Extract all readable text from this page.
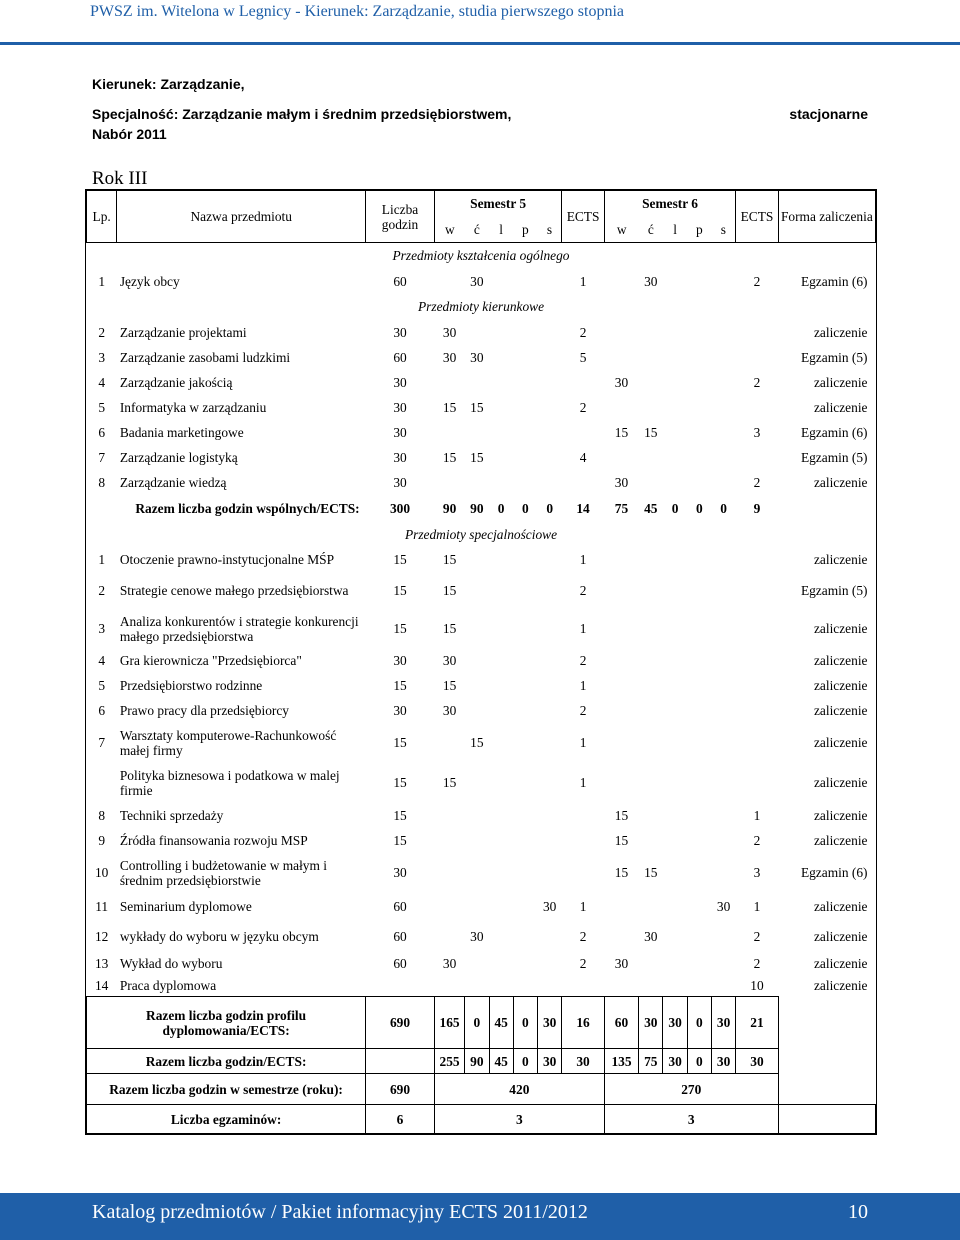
PWSZ im. Witelona w Legnicy - Kierunek: Zarządzanie, studia pierwszego stopnia
Kierunek: Zarządzanie,
Specjalność: Zarządzanie małym i średnim przedsiębiorstwem,
Nabór 2011
stacjonarne
Rok III
Lp.	Nazwa przedmiotu	Liczba godzin	Semestr 5					ECTS	Semestr 6					ECTS	Forma zaliczenia
			w	ć	l	p	s		w	ć	l	p	s		
Przedmioty kształcenia ogólnego															
1	Język obcy	60		30				1		30				2	Egzamin (6)
Przedmioty kierunkowe															
2	Zarządzanie projektami	30	30					2							zaliczenie
3	Zarządzanie zasobami ludzkimi	60	30	30				5							Egzamin (5)
4	Zarządzanie jakością	30							30					2	zaliczenie
5	Informatyka w zarządzaniu	30	15	15				2							zaliczenie
6	Badania marketingowe	30							15	15				3	Egzamin (6)
7	Zarządzanie logistyką	30	15	15				4							Egzamin (5)
8	Zarządzanie wiedzą	30							30					2	zaliczenie
Razem liczba godzin wspólnych/ECTS:		300	90	90	0	0	0	14	75	45	0	0	0	9	
Przedmioty specjalnościowe															
1	Otoczenie prawno-instytucjonalne MŚP	15	15					1							zaliczenie
2	Strategie cenowe małego przedsiębiorstwa	15	15					2							Egzamin (5)
3	Analiza konkurentów i strategie konkurencji małego przedsiębiorstwa	15	15					1							zaliczenie
4	Gra kierownicza "Przedsiębiorca"	30	30					2							zaliczenie
5	Przedsiębiorstwo rodzinne	15	15					1							zaliczenie
6	Prawo pracy dla przedsiębiorcy	30	30					2							zaliczenie
7	Warsztaty komputerowe-Rachunkowość małej firmy	15		15				1							zaliczenie
	Polityka biznesowa i podatkowa w malej firmie	15	15					1							zaliczenie
8	Techniki sprzedaży	15							15					1	zaliczenie
9	Źródła finansowania rozwoju MSP	15							15					2	zaliczenie
10	Controlling i budżetowanie w małym i średnim przedsiębiorstwie	30							15	15				3	Egzamin (6)
11	Seminarium dyplomowe	60					30	1					30	1	zaliczenie
12	wykłady do wyboru w języku obcym	60		30				2		30				2	zaliczenie
13	Wykład do wyboru	60	30					2	30					2	zaliczenie
14	Praca dyplomowa													10	zaliczenie
Razem liczba godzin profilu dyplomowania/ECTS:		690	165	0	45	0	30	16	60	30	30	0	30	21	
Razem liczba godzin/ECTS:			255	90	45	0	30	30	135	75	30	0	30	30	
Razem liczba godzin w semestrze (roku):		690	420						270						
Liczba egzaminów:		6	3						3						
Katalog przedmiotów / Pakiet informacyjny ECTS 2011/2012	10
